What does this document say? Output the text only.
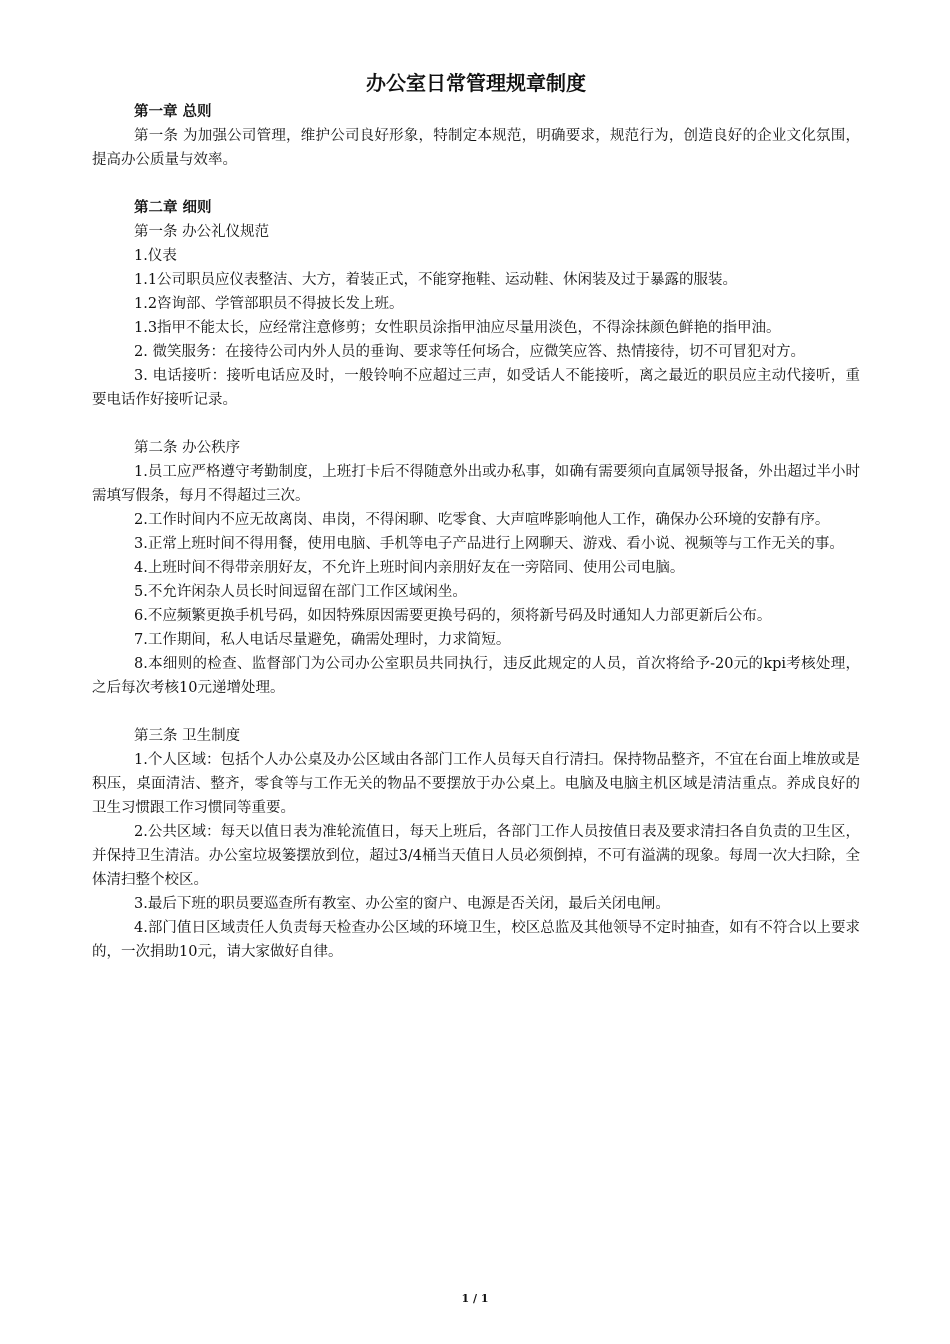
办公室日常管理规章制度
第一章 总则

第一条 为加强公司管理，维护公司良好形象，特制定本规范，明确要求，规范行为，创造良好的企业文化氛围，提高办公质量与效率。

第二章 细则

第一条 办公礼仪规范

1.仪表

1.1公司职员应仪表整洁、大方，着装正式，不能穿拖鞋、运动鞋、休闲装及过于暴露的服装。

1.2咨询部、学管部职员不得披长发上班。

1.3指甲不能太长，应经常注意修剪；女性职员涂指甲油应尽量用淡色，不得涂抹颜色鲜艳的指甲油。

2. 微笑服务：在接待公司内外人员的垂询、要求等任何场合，应微笑应答、热情接待，切不可冒犯对方。

3. 电话接听：接听电话应及时，一般铃响不应超过三声，如受话人不能接听，离之最近的职员应主动代接听，重要电话作好接听记录。

第二条 办公秩序

1.员工应严格遵守考勤制度，上班打卡后不得随意外出或办私事，如确有需要须向直属领导报备，外出超过半小时需填写假条，每月不得超过三次。

2.工作时间内不应无故离岗、串岗，不得闲聊、吃零食、大声喧哗影响他人工作，确保办公环境的安静有序。

3.正常上班时间不得用餐，使用电脑、手机等电子产品进行上网聊天、游戏、看小说、视频等与工作无关的事。

4.上班时间不得带亲朋好友，不允许上班时间内亲朋好友在一旁陪同、使用公司电脑。

5.不允许闲杂人员长时间逗留在部门工作区域闲坐。

6.不应频繁更换手机号码，如因特殊原因需要更换号码的，须将新号码及时通知人力部更新后公布。

7.工作期间，私人电话尽量避免，确需处理时，力求简短。

8.本细则的检查、监督部门为公司办公室职员共同执行，违反此规定的人员，首次将给予-20元的kpi考核处理，之后每次考核10元递增处理。

第三条 卫生制度

1.个人区域：包括个人办公桌及办公区域由各部门工作人员每天自行清扫。保持物品整齐，不宜在台面上堆放或是积压，桌面清洁、整齐，零食等与工作无关的物品不要摆放于办公桌上。电脑及电脑主机区域是清洁重点。养成良好的卫生习惯跟工作习惯同等重要。

2.公共区域：每天以值日表为准轮流值日，每天上班后，各部门工作人员按值日表及要求清扫各自负责的卫生区，并保持卫生清洁。办公室垃圾篓摆放到位，超过3/4桶当天值日人员必须倒掉，不可有溢满的现象。每周一次大扫除，全体清扫整个校区。

3.最后下班的职员要巡查所有教室、办公室的窗户、电源是否关闭，最后关闭电闸。

4.部门值日区域责任人负责每天检查办公区域的环境卫生，校区总监及其他领导不定时抽查，如有不符合以上要求的，一次捐助10元，请大家做好自律。

1 / 1
